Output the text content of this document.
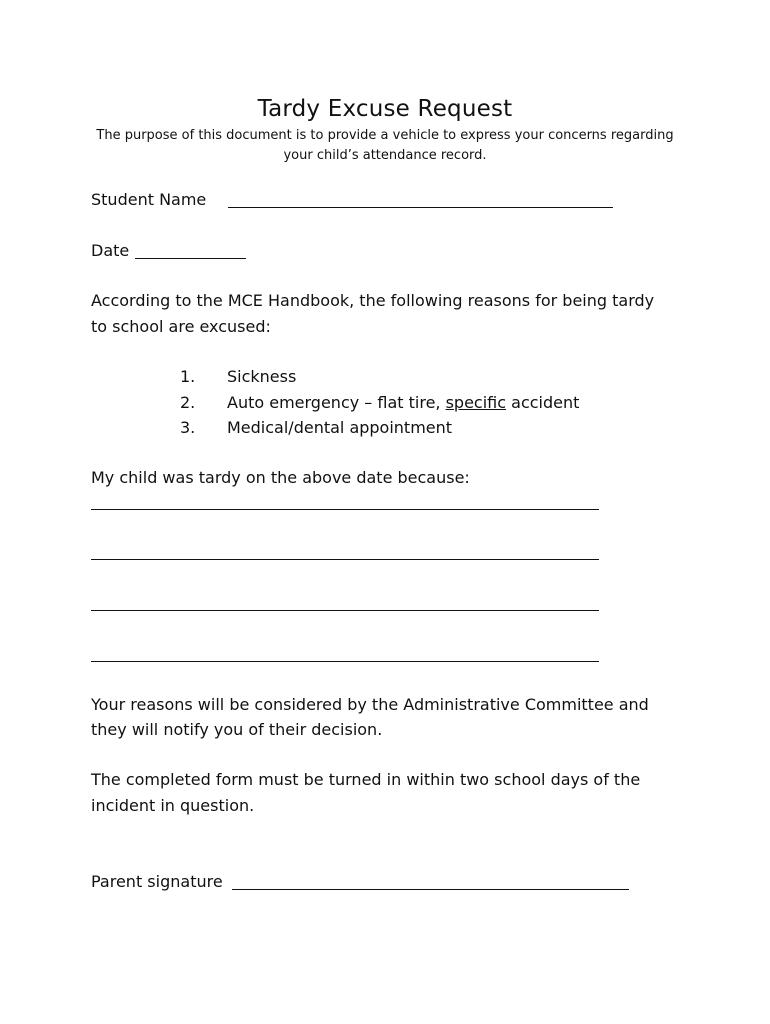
Tardy Excuse Request
The purpose of this document is to provide a vehicle to express your concerns regarding
your child’s attendance record.
Student Name
Date
According to the MCE Handbook, the following reasons for being tardy
to school are excused:
1. Sickness
2. Auto emergency – flat tire, specific accident
3. Medical/dental appointment
My child was tardy on the above date because:
Your reasons will be considered by the Administrative Committee and
they will notify you of their decision.
The completed form must be turned in within two school days of the
incident in question.
Parent signature
